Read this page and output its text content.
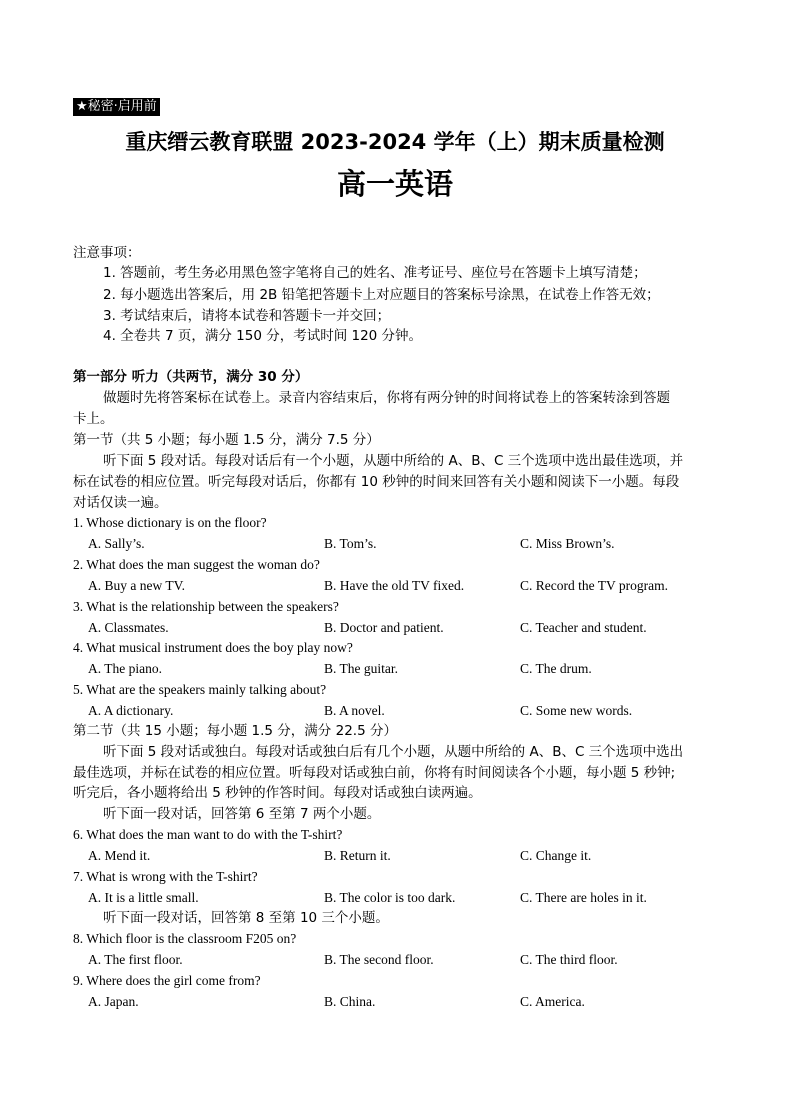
★秘密·启用前
重庆缙云教育联盟 2023-2024 学年（上）期末质量检测
高一英语
注意事项：
1. 答题前，考生务必用黑色签字笔将自己的姓名、准考证号、座位号在答题卡上填写清楚；
2. 每小题选出答案后，用 2B 铅笔把答题卡上对应题目的答案标号涂黑，在试卷上作答无效；
3. 考试结束后，请将本试卷和答题卡一并交回；
4. 全卷共 7 页，满分 150 分，考试时间 120 分钟。
第一部分 听力（共两节，满分 30 分）
做题时先将答案标在试卷上。录音内容结束后，你将有两分钟的时间将试卷上的答案转涂到答题
卡上。
第一节（共 5 小题；每小题 1.5 分，满分 7.5 分）
听下面 5 段对话。每段对话后有一个小题，从题中所给的 A、B、C 三个选项中选出最佳选项，并
标在试卷的相应位置。听完每段对话后，你都有 10 秒钟的时间来回答有关小题和阅读下一小题。每段
对话仅读一遍。
1. Whose dictionary is on the floor?
A. Sally’s.	B. Tom’s.	C. Miss Brown’s.
2. What does the man suggest the woman do?
A. Buy a new TV.	B. Have the old TV fixed.	C. Record the TV program.
3. What is the relationship between the speakers?
A. Classmates.	B. Doctor and patient.	C. Teacher and student.
4. What musical instrument does the boy play now?
A. The piano.	B. The guitar.	C. The drum.
5. What are the speakers mainly talking about?
A. A dictionary.	B. A novel.	C. Some new words.
第二节（共 15 小题；每小题 1.5 分，满分 22.5 分）
听下面 5 段对话或独白。每段对话或独白后有几个小题，从题中所给的 A、B、C 三个选项中选出
最佳选项，并标在试卷的相应位置。听每段对话或独白前，你将有时间阅读各个小题，每小题 5 秒钟;
听完后，各小题将给出 5 秒钟的作答时间。每段对话或独白读两遍。
听下面一段对话，回答第 6 至第 7 两个小题。
6. What does the man want to do with the T-shirt?
A. Mend it.	B. Return it.	C. Change it.
7. What is wrong with the T-shirt?
A. It is a little small.	B. The color is too dark.	C. There are holes in it.
听下面一段对话，回答第 8 至第 10 三个小题。
8. Which floor is the classroom F205 on?
A. The first floor.	B. The second floor.	C. The third floor.
9. Where does the girl come from?
A. Japan.	B. China.	C. America.
